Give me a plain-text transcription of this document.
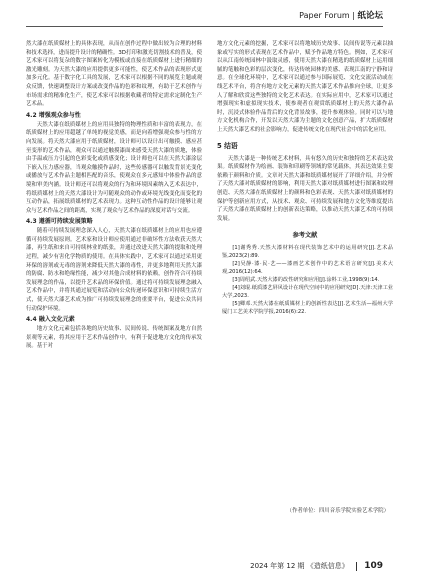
Paper Forum | 纸论坛

然大漆在纸质媒材上的具体表现，从而在创作过程中做出较为合理的材料和技术选择，进而提升设计的精确性。3D打印和激光切割技术的普及，使艺术家可以将复杂的数字图案转化为模板或直接在纸质媒材上进行精细的激光雕刻。为天然大漆的应用提供更多可能性，使艺术作品的表现形式更加多元化。基于数字化工具的发展，艺术家可以根据不同的展览主题或观众反馈，快速调整设计方案或改变作品的色彩和纹理，有助于艺术创作与市场需求的精准化生产，使艺术家可以根据收藏者的特定需求定制化生产艺术品。

4.2 增强观众参与性

天然大漆在纸质媒材上的应用具独特的物理性质和丰富的表现力，在纸质媒材上的应用超越了单纯的视觉美感，而是向着增强观众参与性的方向发展。将天然大漆应用于纸质媒材，设计师可以设计出可触摸、感应甚至变形的艺术作品，观众可以通过触摸漆面来感受天然大漆的质地，体验由手温或压力引起的色彩变化或质感变化；设计师也可以在天然大漆涂层下嵌入压力感应器，当观众触摸作品时，这些传感器可以触发背景光变化或播放与艺术作品主题相匹配的音乐，使观众在多元感知中体验作品的意境和审美内涵。设计师还可以将观众的行为和环境因素纳入艺术表达中，将纸质媒材上的天然大漆设计为可随观众的动作或环境光线变化而变化的互动作品，拓展纸质媒材的艺术表现力。这种互动性作品的设计能够让观众与艺术作品之间的距离，实现了观众与艺术作品的深度对话与交流。

4.3 遵循可持续发展策略

随着可持续发展理念深入人心，天然大漆在纸质媒材上的应用也应遵循可持续发展原则。艺术家和设计师应使用通过非破坏性方法收获天然大漆，再生纸和来自可持续林业的纸张，并通过改进天然大漆的提取和处理过程，减少有害化学物质的使用。在具体实践中，艺术家可以通过采用更环保的溶剂或无毒的溶剂来降低天然大漆的毒性，并更多地利用天然大漆的防腐、防水和绝缘性能，减少对其他合成材料的依赖，创作符合可持续发展理念的作品，以提升艺术品的环保价值。通过将可持续发展理念融入艺术作品中，并将其通过展览和活动向公众传递环保意识和可持续生活方式，使天然大漆艺术成为推广可持续发展理念的重要平台，促进公众共同行动保护环境。

4.4 融入文化元素

地方文化元素包括各地的历史故事、民间传说、传统图案及地方自然景观等元素，将其应用于艺术作品创作中，有利于促进地方文化的传承发展。基于对

地方文化元素的挖掘，艺术家可以将地域历史故事、民间传说等元素以抽象或写实的形式表现在艺术作品中，赋予作品地方特色。例如，艺术家可以从江南传统园林中汲取灵感，使用天然大漆在精选的纸质媒材上运用细腻的笔触和色彩的层次变化，传达传统园林的美感、表现江南的宁静和诗意。在全球化环境中，艺术家可以通过参与国际展览、文化交流活动或在线艺术平台，将含有地方文化元素的天然大漆艺术作品推向全球，让更多人了解和欣赏这些独特的文化艺术表达。在实际应用中，艺术家可以通过增强现实和虚拟现实技术，使参观者在观赏纸质媒材上的天然大漆作品时，沉浸式体验作品背后的文化背景故事，提升参观体验。同时可以与地方文化机构合作，开发以天然大漆为主题的文化创意产品，扩大纸质媒材上天然大漆艺术的社会影响力，促进传统文化在现代社会中的活化应用。

5 结语

天然大漆是一种传统艺术材料，具有悠久的历史和独特的艺术表达效果。纸质媒材作为绘画、装饰和印刷等领域的常见载体，其表达效果主要依赖于颜料和介质。文章对天然大漆和纸质媒材展开了详细介绍，并分析了天然大漆对纸质媒材的影响，利用天然大漆对纸质媒材进行图案和纹理创造、天然大漆在纸质媒材上的颜料和色彩表现、天然大漆对纸质媒材的保护等创新应用方式，从技术、观众、可持续发展和地方文化等维度提出了天然大漆在纸质媒材上的创新表达策略，以推动天然大漆艺术的可持续发展。

参考文献

[1]谢秀秀.天然大漆材料在现代装饰艺术中的运用研究[J].艺术品鉴,2023(2):89.

[2]吴静·漆·民·艺——漆画艺术创作中的艺术语言研究[J].美术大观,2016(12):64.

[3]周绍武.天然大漆的改性研究和应用[J].涂料工业,1998(9):14.

[4]刘琨.纸质漆艺屏风设计在现代空间中的应用研究[D].天津:天津工业大学,2023.

[5]卿邓.天然大漆在纸质媒材上的创新性表达[J].艺术生活—福州大学厦门工艺美术学院学报,2016(6):22.

（作者单位：四川音乐学院实验艺术学院）
2024 年第 12 期 《造纸信息》 109
